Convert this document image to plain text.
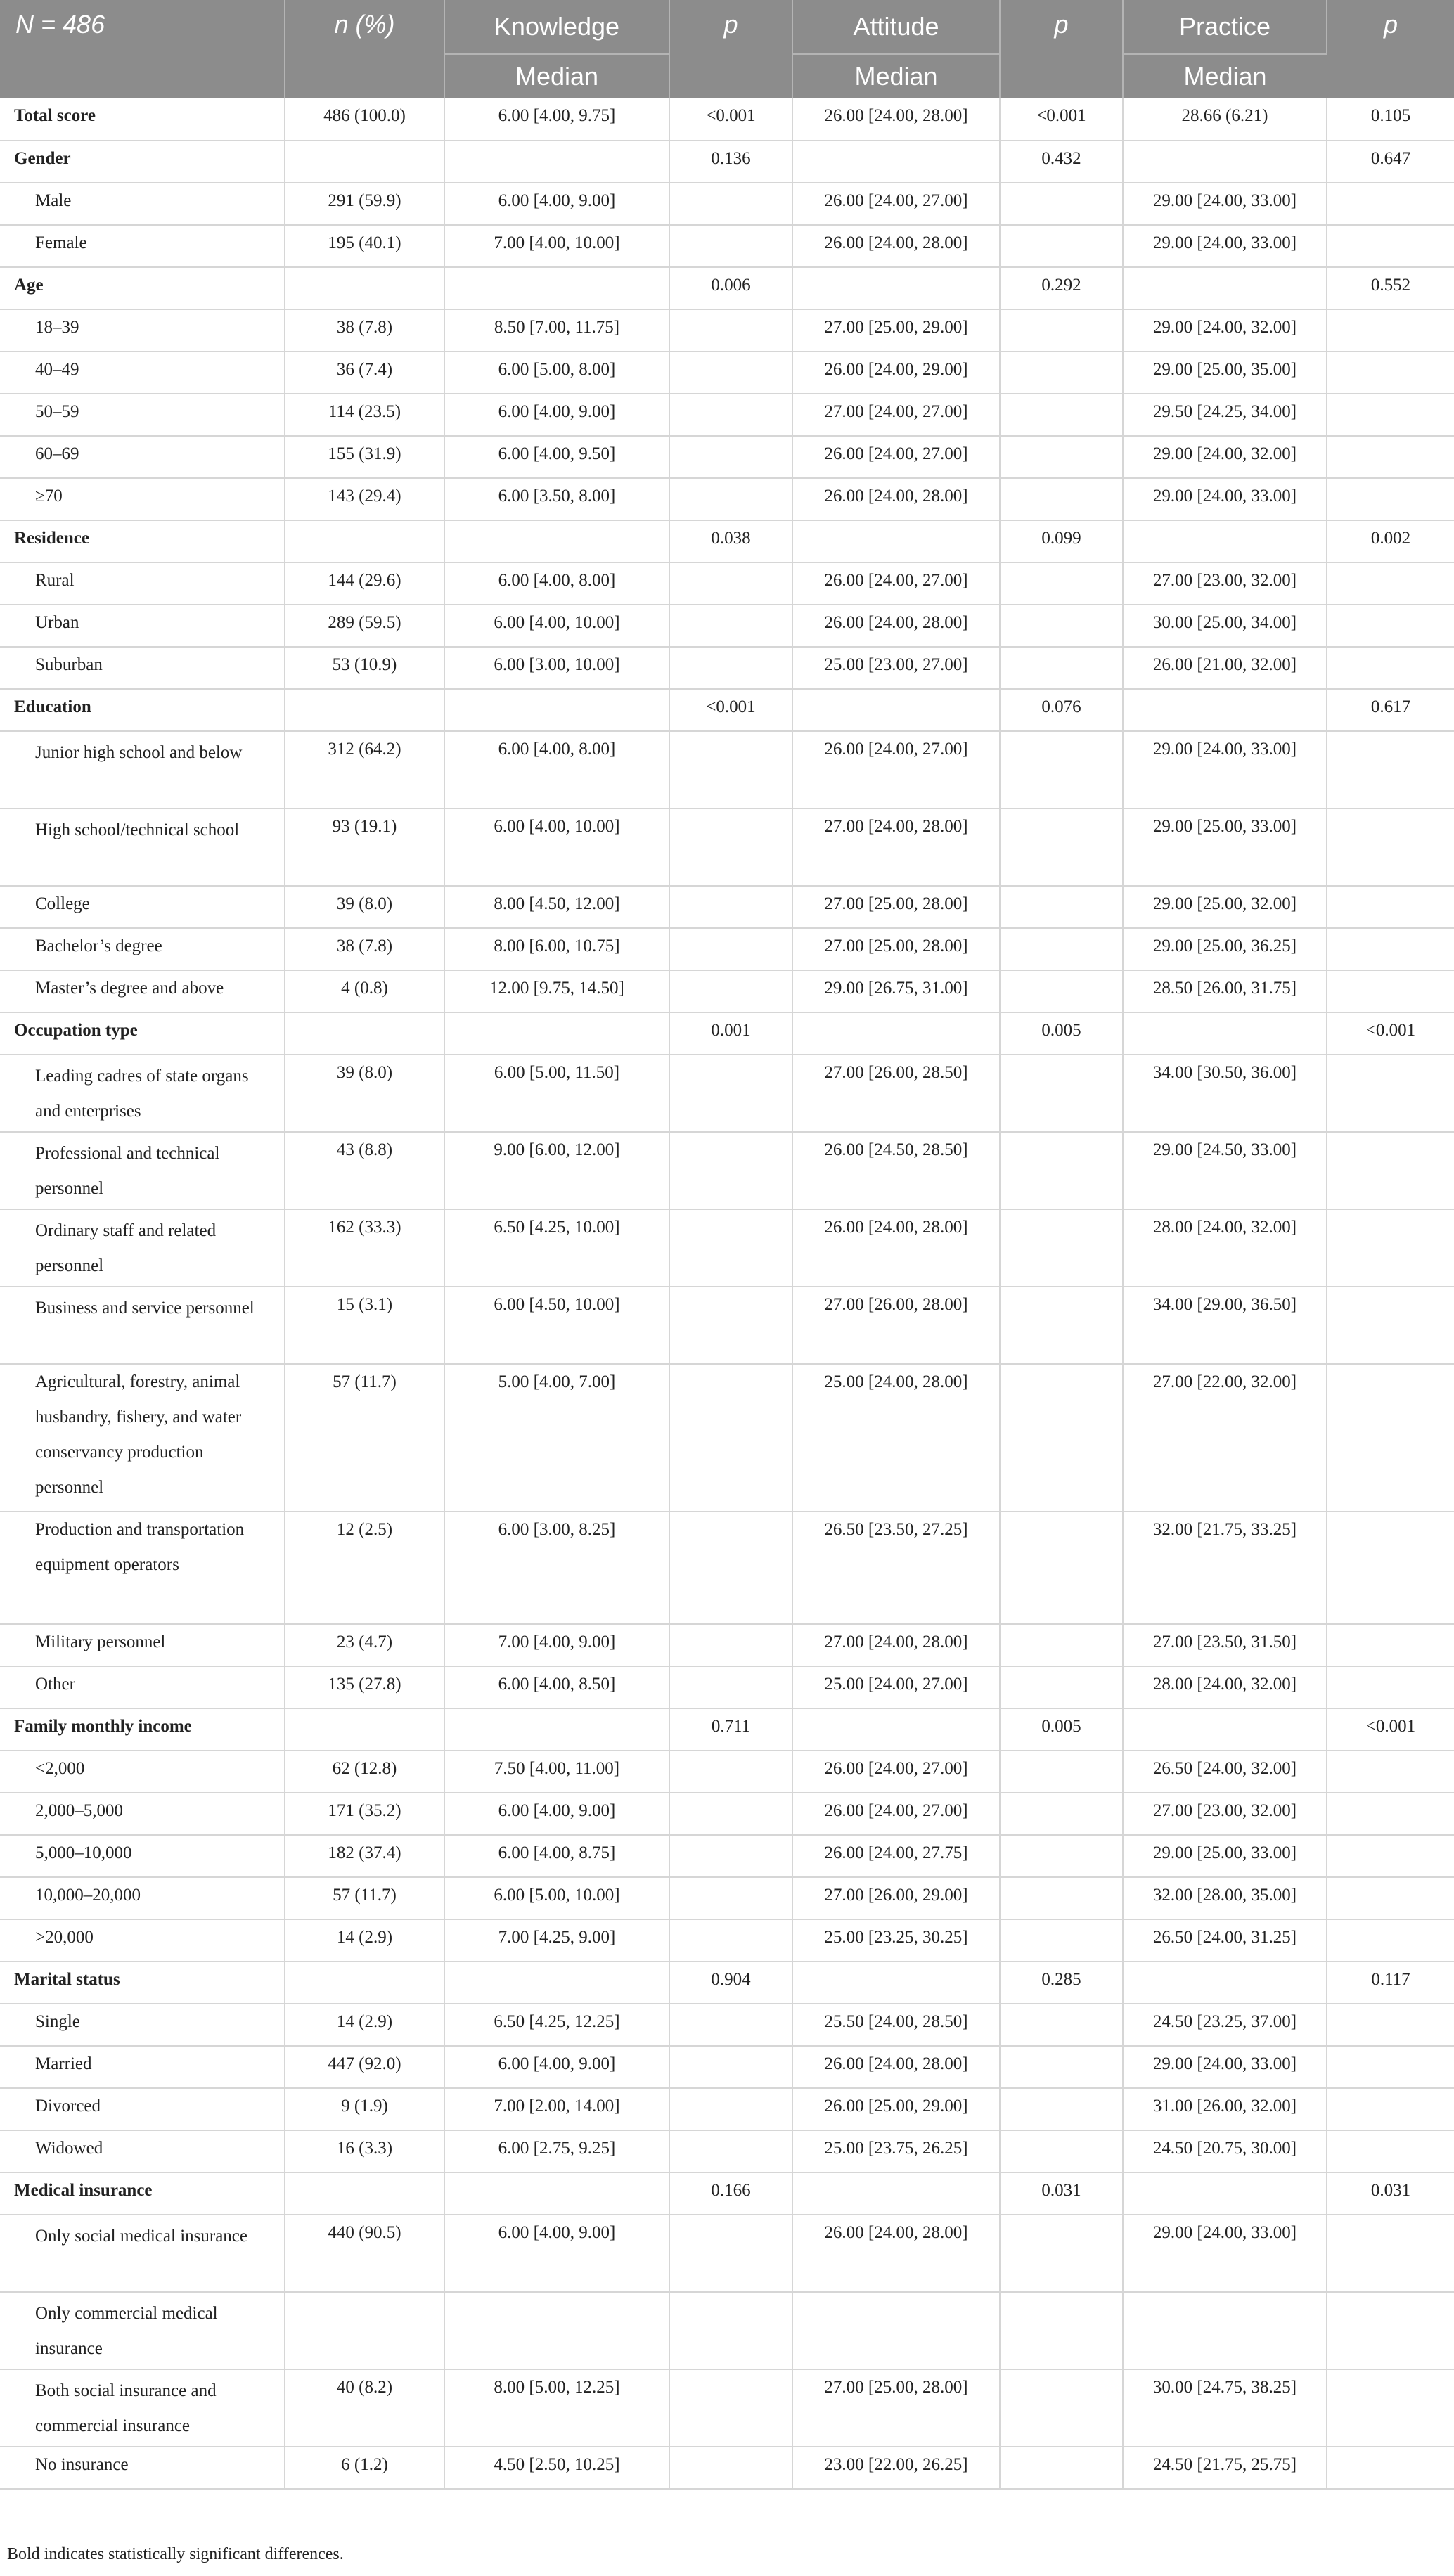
N = 486	n (%)	Knowledge	p	Attitude	p	Practice	p
		Median		Median		Median	
Total score	486 (100.0)	6.00 [4.00, 9.75]	<0.001	26.00 [24.00, 28.00]	<0.001	28.66 (6.21)	0.105
Gender			0.136		0.432		0.647
Male	291 (59.9)	6.00 [4.00, 9.00]		26.00 [24.00, 27.00]		29.00 [24.00, 33.00]	
Female	195 (40.1)	7.00 [4.00, 10.00]		26.00 [24.00, 28.00]		29.00 [24.00, 33.00]	
Age			0.006		0.292		0.552
18–39	38 (7.8)	8.50 [7.00, 11.75]		27.00 [25.00, 29.00]		29.00 [24.00, 32.00]	
40–49	36 (7.4)	6.00 [5.00, 8.00]		26.00 [24.00, 29.00]		29.00 [25.00, 35.00]	
50–59	114 (23.5)	6.00 [4.00, 9.00]		27.00 [24.00, 27.00]		29.50 [24.25, 34.00]	
60–69	155 (31.9)	6.00 [4.00, 9.50]		26.00 [24.00, 27.00]		29.00 [24.00, 32.00]	
≥70	143 (29.4)	6.00 [3.50, 8.00]		26.00 [24.00, 28.00]		29.00 [24.00, 33.00]	
Residence			0.038		0.099		0.002
Rural	144 (29.6)	6.00 [4.00, 8.00]		26.00 [24.00, 27.00]		27.00 [23.00, 32.00]	
Urban	289 (59.5)	6.00 [4.00, 10.00]		26.00 [24.00, 28.00]		30.00 [25.00, 34.00]	
Suburban	53 (10.9)	6.00 [3.00, 10.00]		25.00 [23.00, 27.00]		26.00 [21.00, 32.00]	
Education			<0.001		0.076		0.617
Junior high school and below	312 (64.2)	6.00 [4.00, 8.00]		26.00 [24.00, 27.00]		29.00 [24.00, 33.00]	
High school/technical school	93 (19.1)	6.00 [4.00, 10.00]		27.00 [24.00, 28.00]		29.00 [25.00, 33.00]	
College	39 (8.0)	8.00 [4.50, 12.00]		27.00 [25.00, 28.00]		29.00 [25.00, 32.00]	
Bachelor’s degree	38 (7.8)	8.00 [6.00, 10.75]		27.00 [25.00, 28.00]		29.00 [25.00, 36.25]	
Master’s degree and above	4 (0.8)	12.00 [9.75, 14.50]		29.00 [26.75, 31.00]		28.50 [26.00, 31.75]	
Occupation type			0.001		0.005		<0.001
Leading cadres of state organs and enterprises	39 (8.0)	6.00 [5.00, 11.50]		27.00 [26.00, 28.50]		34.00 [30.50, 36.00]	
Professional and technical personnel	43 (8.8)	9.00 [6.00, 12.00]		26.00 [24.50, 28.50]		29.00 [24.50, 33.00]	
Ordinary staff and related personnel	162 (33.3)	6.50 [4.25, 10.00]		26.00 [24.00, 28.00]		28.00 [24.00, 32.00]	
Business and service personnel	15 (3.1)	6.00 [4.50, 10.00]		27.00 [26.00, 28.00]		34.00 [29.00, 36.50]	
Agricultural, forestry, animal husbandry, fishery, and water conservancy production personnel	57 (11.7)	5.00 [4.00, 7.00]		25.00 [24.00, 28.00]		27.00 [22.00, 32.00]	
Production and transportation equipment operators	12 (2.5)	6.00 [3.00, 8.25]		26.50 [23.50, 27.25]		32.00 [21.75, 33.25]	
Military personnel	23 (4.7)	7.00 [4.00, 9.00]		27.00 [24.00, 28.00]		27.00 [23.50, 31.50]	
Other	135 (27.8)	6.00 [4.00, 8.50]		25.00 [24.00, 27.00]		28.00 [24.00, 32.00]	
Family monthly income			0.711		0.005		<0.001
<2,000	62 (12.8)	7.50 [4.00, 11.00]		26.00 [24.00, 27.00]		26.50 [24.00, 32.00]	
2,000–5,000	171 (35.2)	6.00 [4.00, 9.00]		26.00 [24.00, 27.00]		27.00 [23.00, 32.00]	
5,000–10,000	182 (37.4)	6.00 [4.00, 8.75]		26.00 [24.00, 27.75]		29.00 [25.00, 33.00]	
10,000–20,000	57 (11.7)	6.00 [5.00, 10.00]		27.00 [26.00, 29.00]		32.00 [28.00, 35.00]	
>20,000	14 (2.9)	7.00 [4.25, 9.00]		25.00 [23.25, 30.25]		26.50 [24.00, 31.25]	
Marital status			0.904		0.285		0.117
Single	14 (2.9)	6.50 [4.25, 12.25]		25.50 [24.00, 28.50]		24.50 [23.25, 37.00]	
Married	447 (92.0)	6.00 [4.00, 9.00]		26.00 [24.00, 28.00]		29.00 [24.00, 33.00]	
Divorced	9 (1.9)	7.00 [2.00, 14.00]		26.00 [25.00, 29.00]		31.00 [26.00, 32.00]	
Widowed	16 (3.3)	6.00 [2.75, 9.25]		25.00 [23.75, 26.25]		24.50 [20.75, 30.00]	
Medical insurance			0.166		0.031		0.031
Only social medical insurance	440 (90.5)	6.00 [4.00, 9.00]		26.00 [24.00, 28.00]		29.00 [24.00, 33.00]	
Only commercial medical insurance							
Both social insurance and commercial insurance	40 (8.2)	8.00 [5.00, 12.25]		27.00 [25.00, 28.00]		30.00 [24.75, 38.25]	
No insurance	6 (1.2)	4.50 [2.50, 10.25]		23.00 [22.00, 26.25]		24.50 [21.75, 25.75]	
Bold indicates statistically significant differences.
